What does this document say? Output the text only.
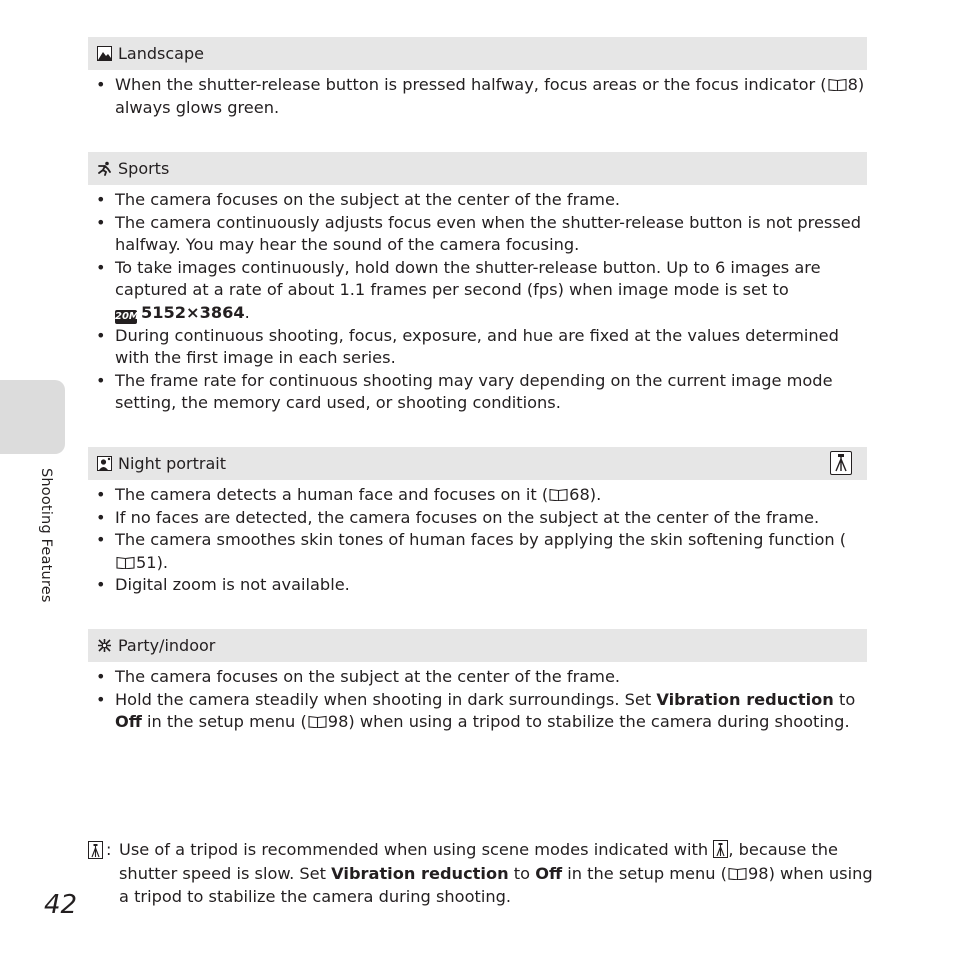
Shooting Features
Landscape
• When the shutter-release button is pressed halfway, focus areas or the focus indicator ( 8) always glows green.
Sports
• The camera focuses on the subject at the center of the frame.
• The camera continuously adjusts focus even when the shutter-release button is not pressed halfway. You may hear the sound of the camera focusing.
• To take images continuously, hold down the shutter-release button. Up to 6 images are captured at a rate of about 1.1 frames per second (fps) when image mode is set to
20M 5152×3864.
• During continuous shooting, focus, exposure, and hue are fixed at the values determined with the first image in each series.
• The frame rate for continuous shooting may vary depending on the current image mode setting, the memory card used, or shooting conditions.
Night portrait
• The camera detects a human face and focuses on it ( 68).
• If no faces are detected, the camera focuses on the subject at the center of the frame.
• The camera smoothes skin tones of human faces by applying the skin softening function (51).
• Digital zoom is not available.
Party/indoor
• The camera focuses on the subject at the center of the frame.
• Hold the camera steadily when shooting in dark surroundings. Set Vibration reduction to Off in the setup menu ( 98) when using a tripod to stabilize the camera during shooting.
: Use of a tripod is recommended when using scene modes indicated with , because the shutter speed is slow. Set Vibration reduction to Off in the setup menu ( 98) when using a tripod to stabilize the camera during shooting.
42
